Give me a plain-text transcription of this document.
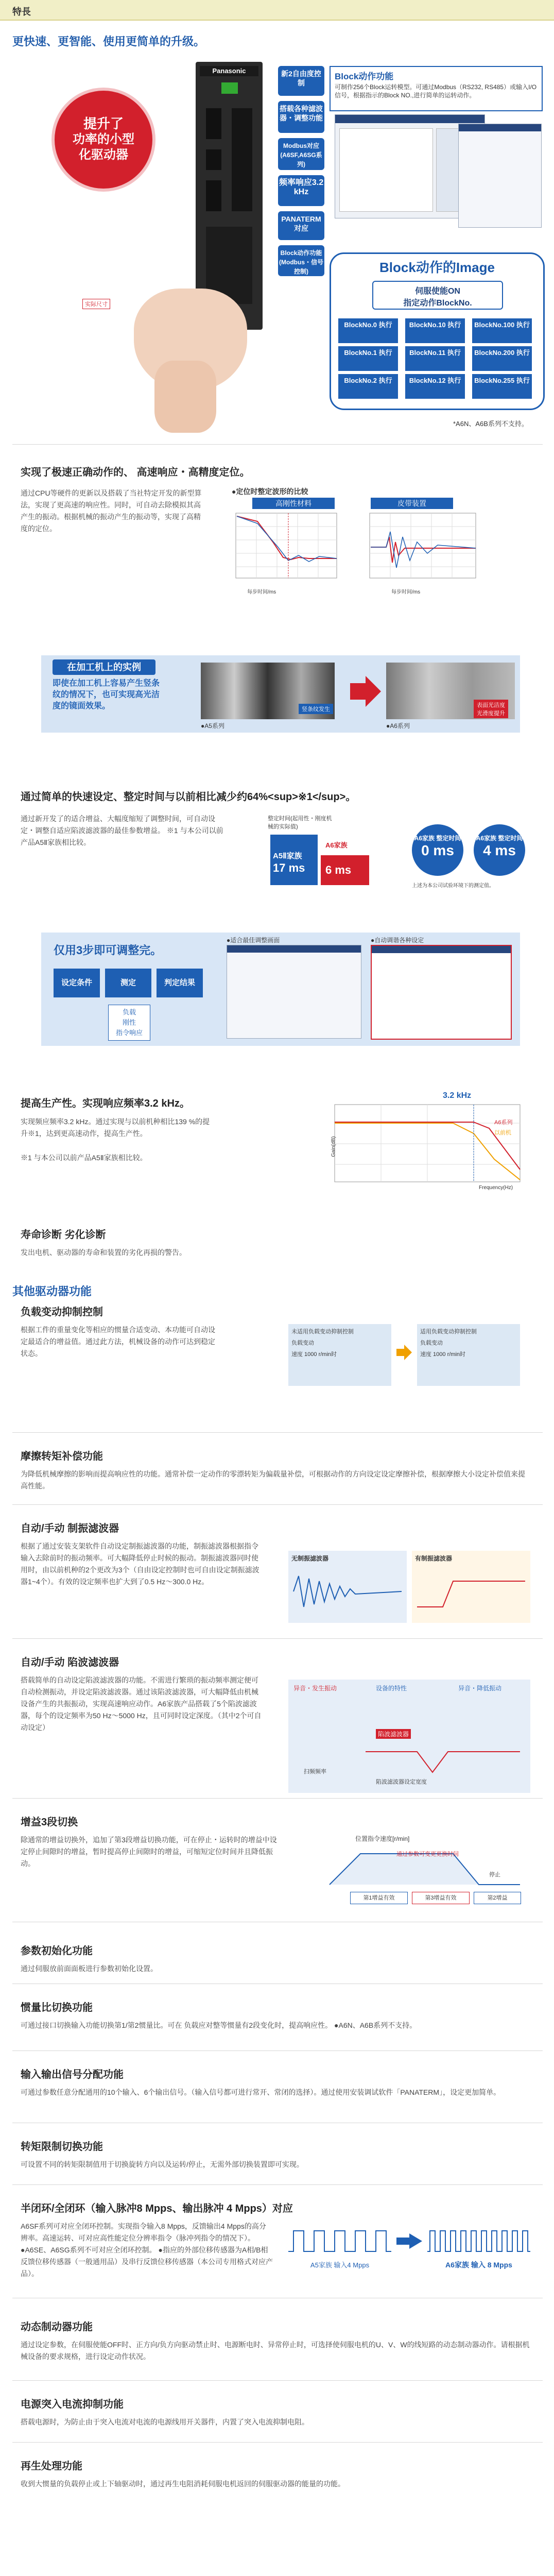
特長
更快速、更智能、使用更简单的升级。
提升了
功率的小型
化驱动器
实际尺寸
Panasonic	新2自由度控制
搭载各种滤波器・调整功能
Modbus对应(A6SF,A6SG系列)
频率响应3.2 kHz
PANATERM对应
Block动作功能(Modbus・信号控制)
Block动作功能
可制作256个Block运转模型。可通过Modbus（RS232, RS485）或输入I/O信号，根据指示的Block NO.,进行简单的运转动作。
Block动作的Image
伺服使能ON
指定动作BlockNo.
BlockNo.0 执行	BlockNo.10 执行	BlockNo.100 执行
BlockNo.1 执行	BlockNo.11 执行	BlockNo.200 执行
BlockNo.2 执行	BlockNo.12 执行	BlockNo.255 执行
*A6N、A6B系列不支持。
实现了极速正确动作的、 高速响应・高精度定位。
通过CPU等硬件的更新以及搭载了当社特定开发的新型算法，实现了更高速的响应性。同时，可自动去除模拟其高产生的振动。根据机械的振动产生的振动等，实现了高精度的定位。
●定位时整定波形的比较
高刚性材料	皮带装置
每步时间/ms	每步时间/ms
在加工机上的实例
即使在加工机上容易产生竖条纹的情况下，也可实现高光洁度的镜面效果。	竖条纹发生
●A5系列
表面光洁度
光滑度提升
●A6系列
通过简单的快速设定、整定时间与以前相比减少约64%<sup>※1</sup>。
通过新开发了的适合增益、大幅度缩短了调整时间，可自动设定・调整自适应陷波滤波器的最佳参数增益。 ※1 与本公司以前产品A5Ⅱ家族相比较。
整定时间(起用性・刚度机械的实际值)
A5Ⅱ家族
17 ms
A6家族
6 ms
A6家族 整定时间
0 ms
A6家族 整定时间
4 ms
上述为本公司试验环境下的测定值。
仅用3步即可调整完。
设定条件	测定	判定结果
负载
刚性
指令响应
●适合最佳调整画面	●自动调谐各种设定
提高生产性。实现响应频率3.2 kHz。
实现频应频率3.2 kHz。通过实现与以前机种相比139 %的提升※1，达到更高速动作，提高生产性。
※1 与本公司以前产品A5Ⅱ家族相比较。
3.2 kHz
Gain(dB)
Frequency(Hz)
A6系列
以前机
寿命诊断 劣化诊断
发出电机、驱动器的寿命和装置的劣化再损的警告。
其他驱动器功能
负载变动抑制控制
根据工件的重量变化等相应的惯量合适变动、本功能可自动设定最适合的增益值。通过此方法，机械设备的动作可达到稳定状态。
未适用负载变动抑制控制
负载变动
速度 1000 r/min时
适用负载变动抑制控制
负载变动
速度 1000 r/min时
摩擦转矩补偿功能
为降低机械摩擦的影响而提高响应性的功能。通常补偿一定动作的零漂转矩为偏载量补偿，可根据动作的方向设定设定摩擦补偿，根据摩擦大小设定补偿值来提高性能。
自动/手动 制振滤波器
根据了通过安装支架软件自动设定制振滤波器的功能，制振滤波器根据指令输入去除前时的振动频率。可大幅降低停止时候的振动。制振滤波器同时使用时，由以前机种的2个更改为3个（自由设定控制时也可自由设定制振滤波器1~4个）。有效的设定频率也扩大到了0.5 Hz～300.0 Hz。
无制振滤波器	有制振滤波器
自动/手动 陷波滤波器
搭载简单的自动设定陷波滤波器的功能。不需进行繁琐的振动频率测定便可自动检测振动，并设定陷波滤波器。通过该陷波滤波器，可大幅降低由机械设备产生的共振振动，实现高速响应动作。A6家族产品搭载了5个陷波滤波器，每个的设定频率为50 Hz～5000 Hz，且可同时设定深度。（其中2个可自动设定）
异音・发生振动	设备的特性	异音・降低振动
陷波滤波器
扫频频率
陷波滤波器设定宽度
增益3段切换
除通常的增益切换外，追加了第3段增益切换功能，可在停止・运转时的增益中设定停止间隙时的增益，暂时提高停止间隙时的增益，可缩短定位时间并且降低振动。
位置指令速度[r/min]
通过参数可变更更换时间
停止
第1增益有效	第3增益有效	第2增益
参数初始化功能
通过伺服放前面面板进行参数初始化设置。
惯量比切换功能
可通过接口切换输入功能切换第1/第2惯量比。可在 负载应对整等惯量有2段变化时，提高响应性。 ●A6N、A6B系列不支持。
输入输出信号分配功能
可通过参数任意分配通用的10个输入、6个输出信号。（输入信号都可进行常开、常闭的选择）。通过使用安装调试软件「PANATERM」，设定更加简单。
转矩限制切换功能
可设置不同的转矩限制值用于切换旋转方向以及运转/停止，无需外部切换装置即可实现。
半闭环/全闭环（输入脉冲8 Mpps、输出脉冲 4 Mpps）对应
A6SF系列可对应全闭环控制。实现指令输入8 Mpps，反馈输出4 Mpps的高分辨率。高速运转、可对应高性能定位分辨率指令（脉冲列指令的情况下）。 ●A6SE、A6SG系列不可对应全闭环控制。 ●指应的外部位移传感器为A相/B相反馈位移传感器（一般通用品）及串行反馈位移传感器（本公司专用格式对应产品）。
A5家族 输入4 Mpps	A6家族 输入 8 Mpps
动态制动器功能
通过设定参数，在伺服使能OFF时、正方向/负方向驱动禁止时、电源断电时、异常停止时，可选择使伺服电机的U、V、W的线短路的动态制动器动作。请根据机械设备的要求规格，进行设定动作状况。
电源突入电流抑制功能
搭载电源时，为防止由于突入电流对电流的电源线用开关器件，内置了突入电流抑制电阻。
再生处理功能
收到大惯量的负载停止或上下轴驱动时，通过再生电阻消耗伺服电机返回的伺服驱动器的能量的功能。
